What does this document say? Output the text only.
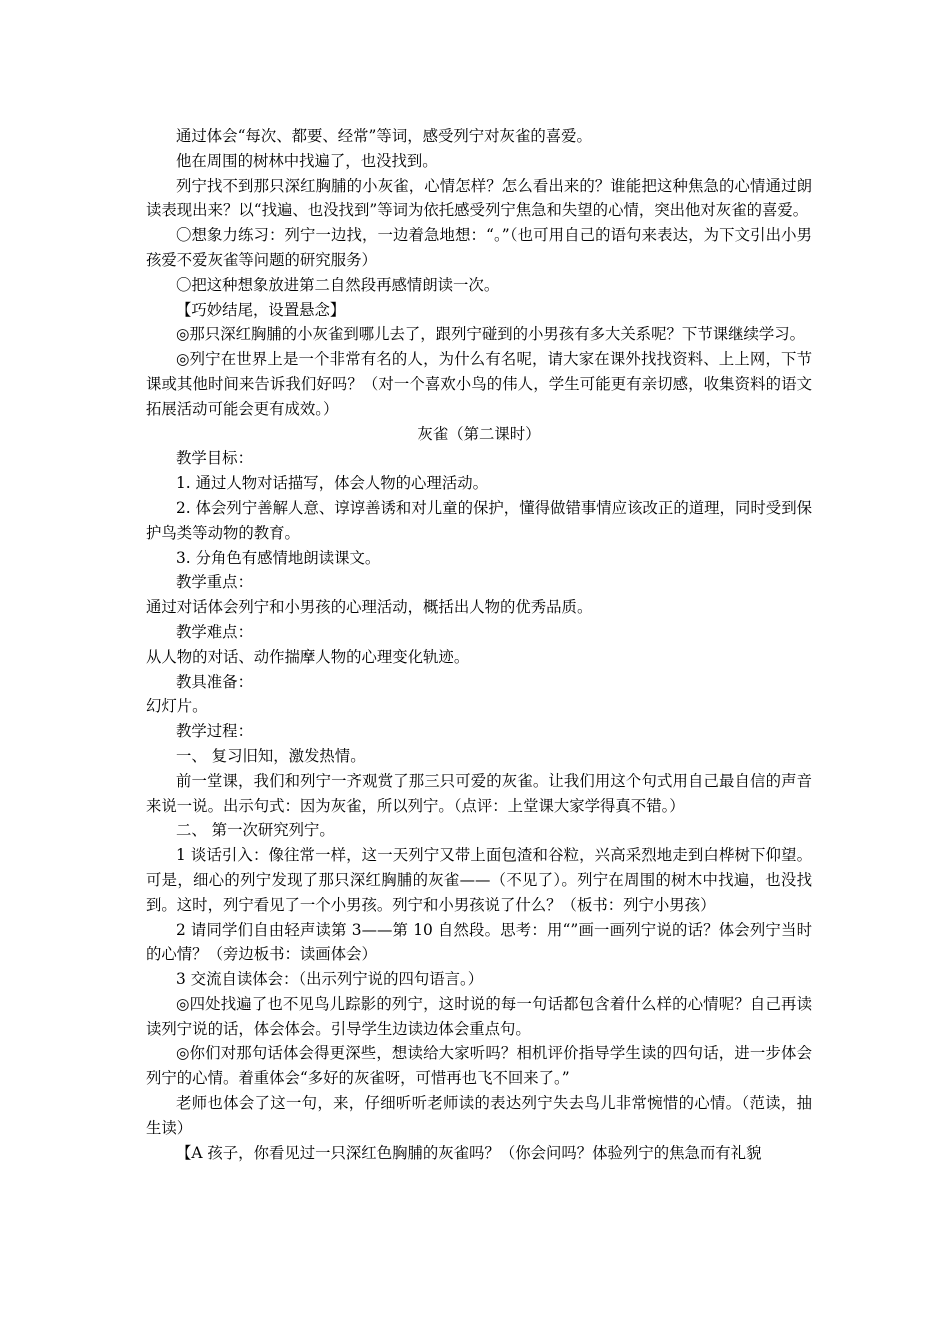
通过体会“每次、都要、经常”等词，感受列宁对灰雀的喜爱。

他在周围的树林中找遍了，也没找到。

列宁找不到那只深红胸脯的小灰雀，心情怎样？怎么看出来的？谁能把这种焦急的心情通过朗读表现出来？以“找遍、也没找到”等词为依托感受列宁焦急和失望的心情，突出他对灰雀的喜爱。

〇想象力练习：列宁一边找，一边着急地想：“。”（也可用自己的语句来表达，为下文引出小男孩爱不爱灰雀等问题的研究服务）

〇把这种想象放进第二自然段再感情朗读一次。

【巧妙结尾，设置悬念】

◎那只深红胸脯的小灰雀到哪儿去了，跟列宁碰到的小男孩有多大关系呢？下节课继续学习。

◎列宁在世界上是一个非常有名的人，为什么有名呢，请大家在课外找找资料、上上网，下节课或其他时间来告诉我们好吗？（对一个喜欢小鸟的伟人，学生可能更有亲切感，收集资料的语文拓展活动可能会更有成效。）

灰雀（第二课时）

教学目标：

1. 通过人物对话描写，体会人物的心理活动。

2. 体会列宁善解人意、谆谆善诱和对儿童的保护，懂得做错事情应该改正的道理，同时受到保护鸟类等动物的教育。

3. 分角色有感情地朗读课文。

教学重点：

通过对话体会列宁和小男孩的心理活动，概括出人物的优秀品质。

教学难点：

从人物的对话、动作揣摩人物的心理变化轨迹。

教具准备：

幻灯片。

教学过程：

一、 复习旧知，激发热情。

前一堂课，我们和列宁一齐观赏了那三只可爱的灰雀。让我们用这个句式用自己最自信的声音来说一说。出示句式：因为灰雀，所以列宁。（点评：上堂课大家学得真不错。）

二、 第一次研究列宁。

1 谈话引入：像往常一样，这一天列宁又带上面包渣和谷粒，兴高采烈地走到白桦树下仰望。可是，细心的列宁发现了那只深红胸脯的灰雀——（不见了）。列宁在周围的树木中找遍，也没找到。这时，列宁看见了一个小男孩。列宁和小男孩说了什么？（板书：列宁小男孩）

2 请同学们自由轻声读第 3——第 10 自然段。思考：用“”画一画列宁说的话？体会列宁当时的心情？（旁边板书：读画体会）

3 交流自读体会：（出示列宁说的四句语言。）

◎四处找遍了也不见鸟儿踪影的列宁，这时说的每一句话都包含着什么样的心情呢？自己再读读列宁说的话，体会体会。引导学生边读边体会重点句。

◎你们对那句话体会得更深些，想读给大家听吗？相机评价指导学生读的四句话，进一步体会列宁的心情。着重体会“多好的灰雀呀，可惜再也飞不回来了。”

老师也体会了这一句，来，仔细听听老师读的表达列宁失去鸟儿非常惋惜的心情。（范读，抽生读）

【A 孩子，你看见过一只深红色胸脯的灰雀吗？（你会问吗？体验列宁的焦急而有礼貌
